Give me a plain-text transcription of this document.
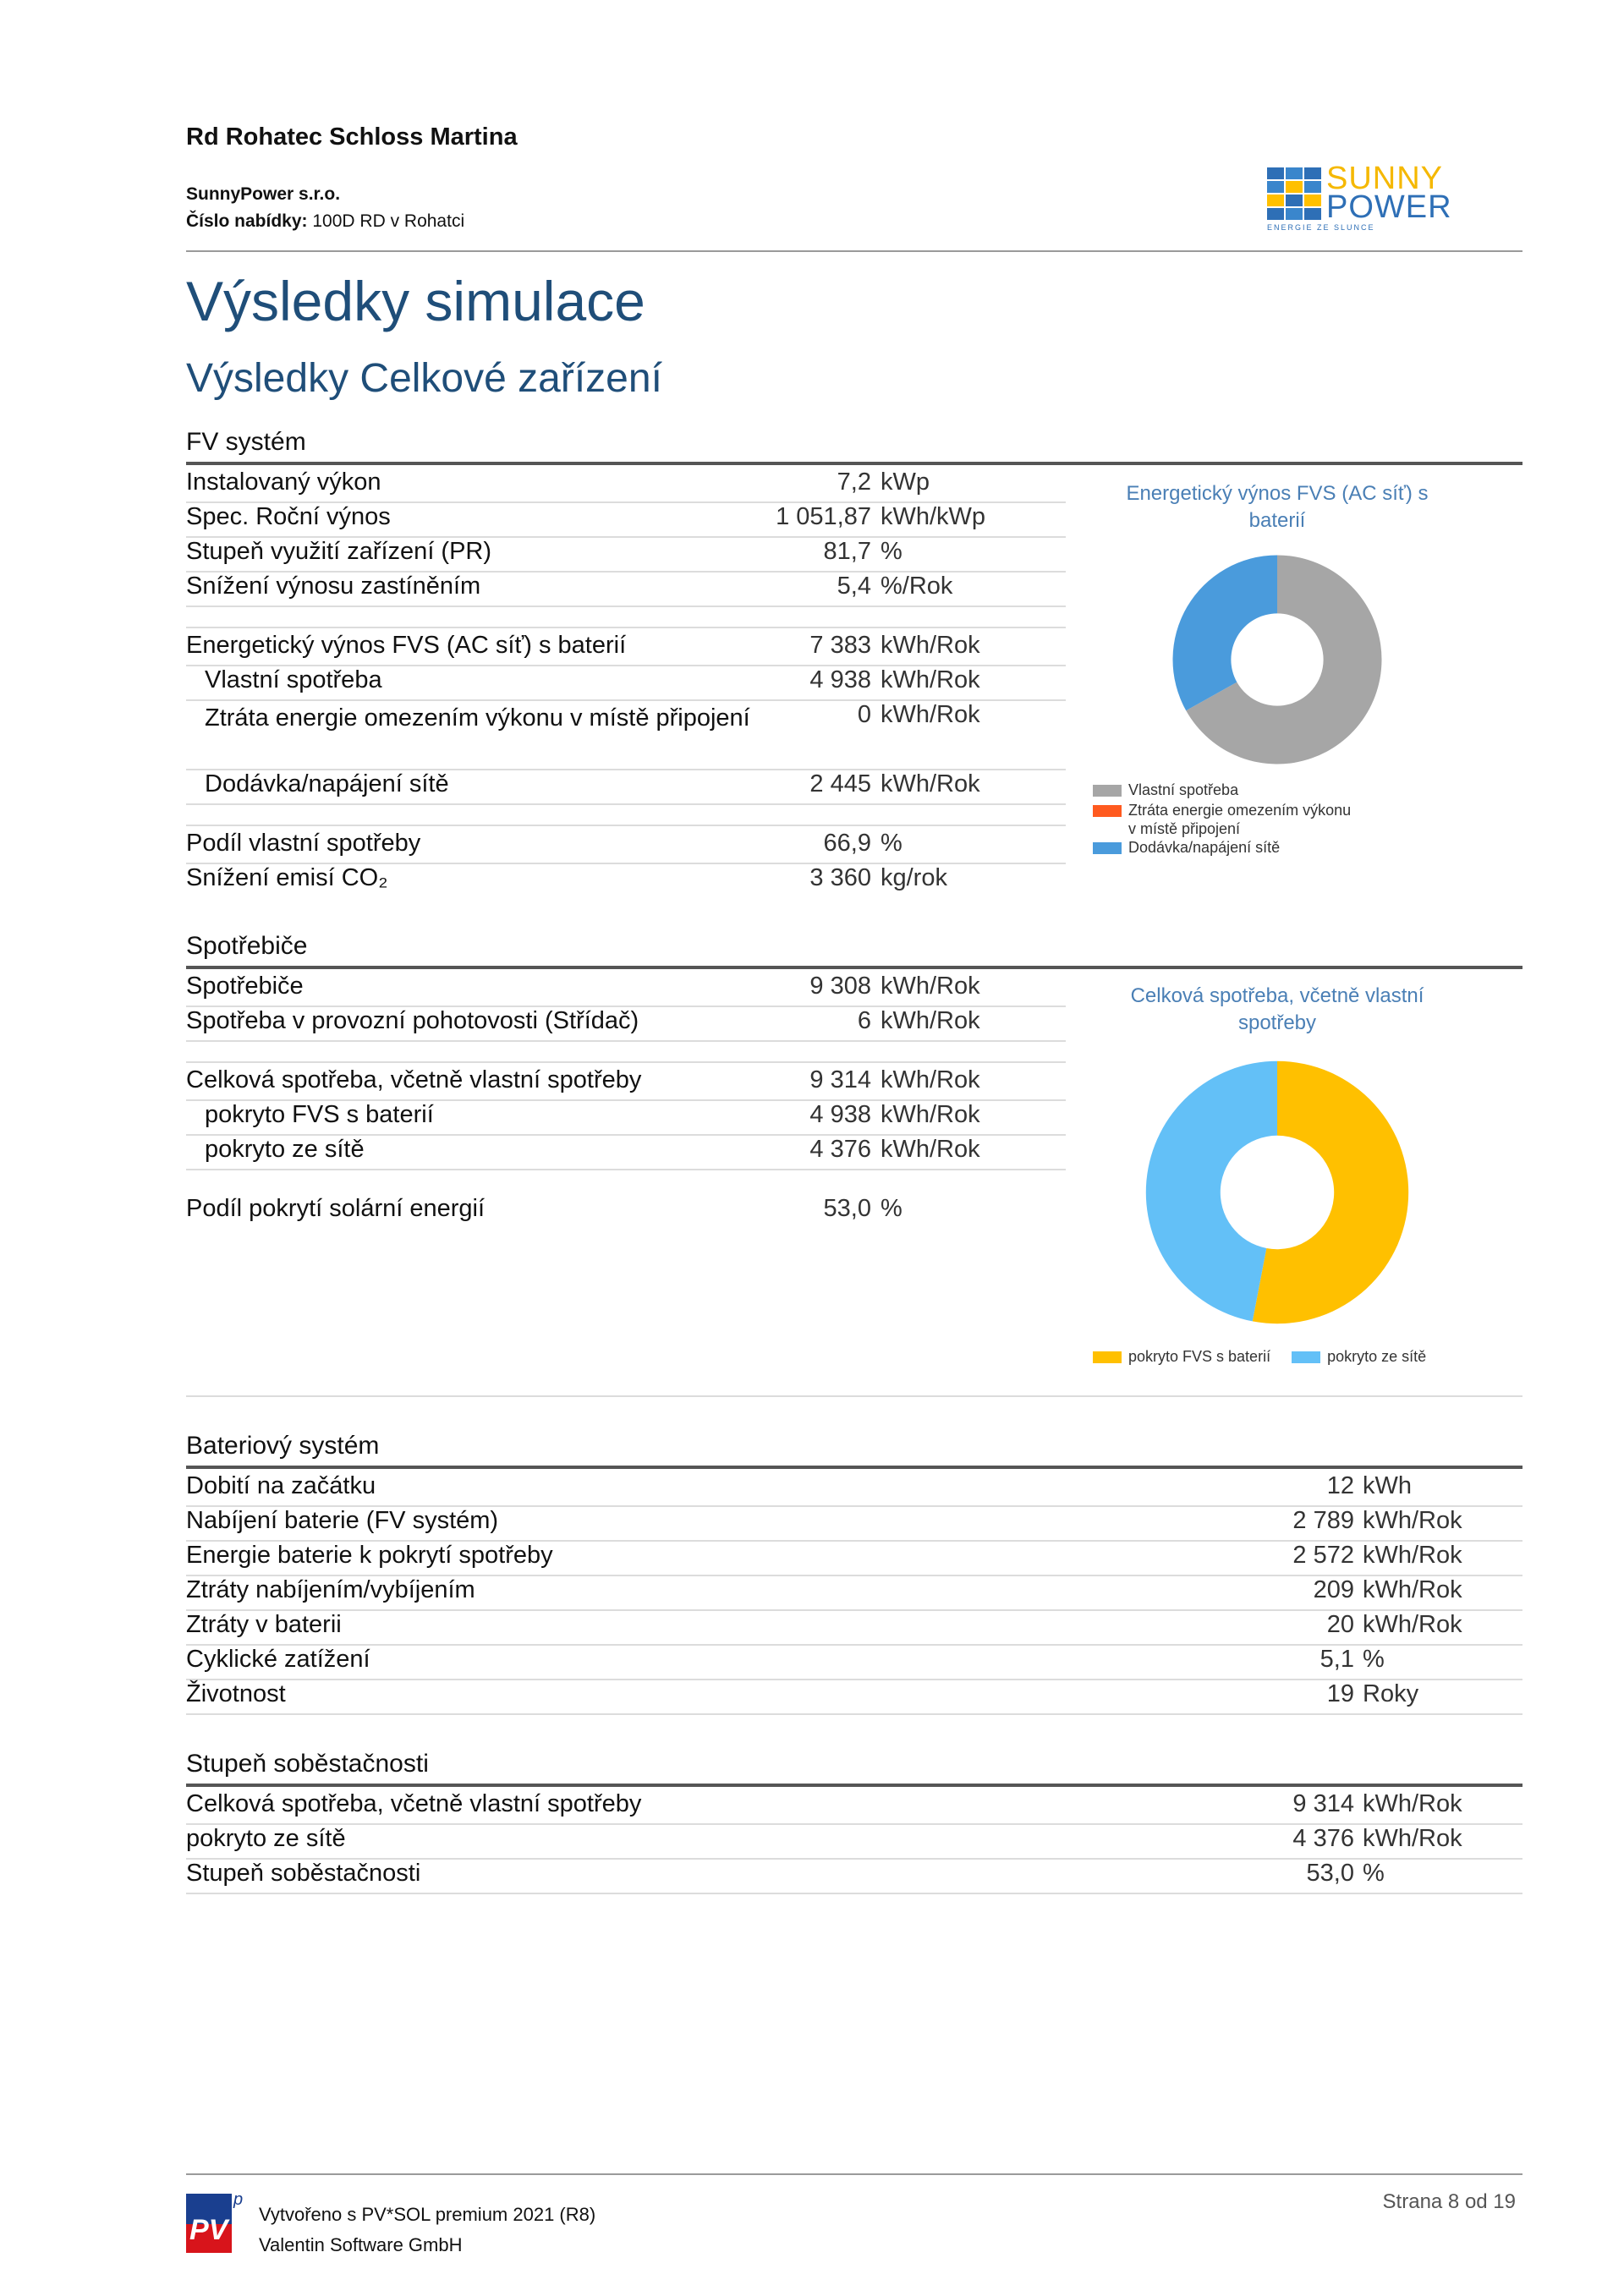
Rd Rohatec Schloss Martina
SunnyPower s.r.o.
Číslo nabídky: 100D RD v Rohatci
SUNNY
POWER
ENERGIE ZE SLUNCE
Výsledky simulace
Výsledky Celkové zařízení
FV systém
Instalovaný výkon	7,2 kWp
Spec. Roční výnos	1 051,87 kWh/kWp
Stupeň využití zařízení (PR)	81,7 %
Snížení výnosu zastíněním	5,4 %/Rok
Energetický výnos FVS (AC síť) s baterií	7 383 kWh/Rok
Vlastní spotřeba	4 938 kWh/Rok
Ztráta energie omezením výkonu v místě připojení	0 kWh/Rok
Dodávka/napájení sítě	2 445 kWh/Rok
Podíl vlastní spotřeby	66,9 %
Snížení emisí CO₂	3 360 kg/rok
Energetický výnos FVS (AC síť) s
baterií
Vlastní spotřeba
Ztráta energie omezením výkonu
v místě připojení
Dodávka/napájení sítě
Spotřebiče
Spotřebiče	9 308 kWh/Rok
Spotřeba v provozní pohotovosti (Střídač)	6 kWh/Rok
Celková spotřeba, včetně vlastní spotřeby	9 314 kWh/Rok
pokryto FVS s baterií	4 938 kWh/Rok
pokryto ze sítě	4 376 kWh/Rok
Podíl pokrytí solární energií	53,0 %
Celková spotřeba, včetně vlastní
spotřeby
pokryto FVS s baterií	pokryto ze sítě
Bateriový systém
Dobití na začátku	12 kWh
Nabíjení baterie (FV systém)	2 789 kWh/Rok
Energie baterie k pokrytí spotřeby	2 572 kWh/Rok
Ztráty nabíjením/vybíjením	209 kWh/Rok
Ztráty v baterii	20 kWh/Rok
Cyklické zatížení	5,1 %
Životnost	19 Roky
Stupeň soběstačnosti
Celková spotřeba, včetně vlastní spotřeby	9 314 kWh/Rok
pokryto ze sítě	4 376 kWh/Rok
Stupeň soběstačnosti	53,0 %
PV
p
Vytvořeno s PV*SOL premium 2021 (R8)
Valentin Software GmbH
Strana 8 od 19
